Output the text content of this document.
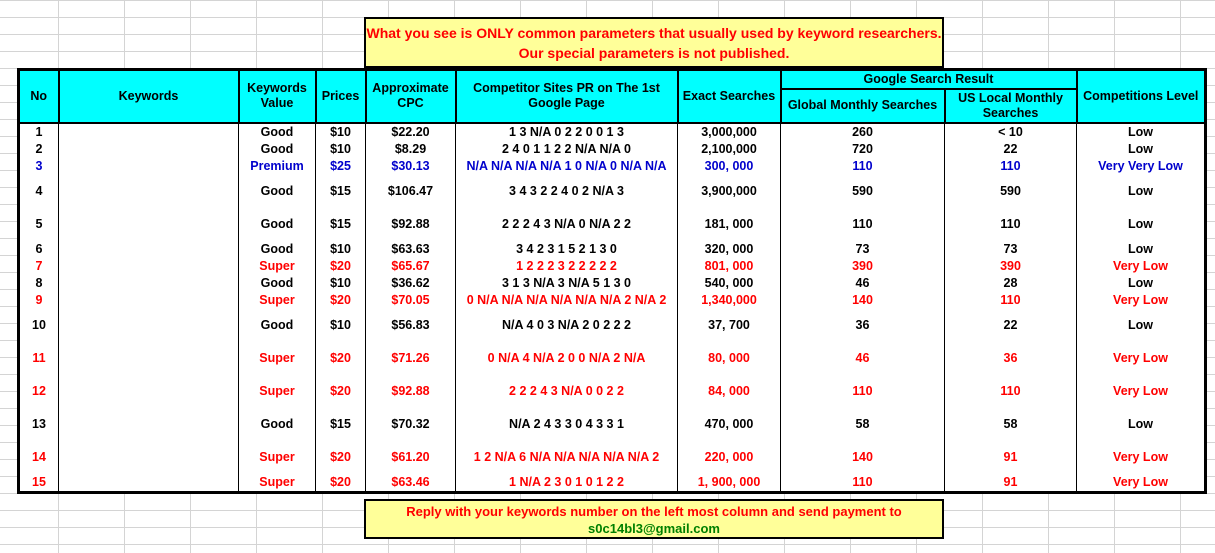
What you see is ONLY common parameters that usually used by keyword researchers. Our special parameters is not published.
No	Keywords	Keywords Value	Prices	Approximate CPC	Competitor Sites PR on The 1st Google Page	Exact Searches	Google Search Result		Competitions Level
							Global Monthly Searches	US Local Monthly Searches	
1		Good	$10	$22.20	1 3 N/A 0 2 2 0 0 1 3	3,000,000	260	< 10	Low
2		Good	$10	$8.29	2 4 0 1 1 2 2 N/A N/A 0	2,100,000	720	22	Low
3		Premium	$25	$30.13	N/A N/A N/A N/A 1 0 N/A 0 N/A N/A	300, 000	110	110	Very Very Low
4		Good	$15	$106.47	3 4 3 2 2 4 0 2 N/A 3	3,900,000	590	590	Low
5		Good	$15	$92.88	2 2 2 4 3 N/A 0 N/A 2 2	181, 000	110	110	Low
6		Good	$10	$63.63	3 4 2 3 1 5 2 1 3 0	320, 000	73	73	Low
7		Super	$20	$65.67	1 2 2 2 3 2 2 2 2 2	801, 000	390	390	Very Low
8		Good	$10	$36.62	3 1 3 N/A 3 N/A 5 1 3 0	540, 000	46	28	Low
9		Super	$20	$70.05	0 N/A N/A N/A N/A N/A N/A 2 N/A 2	1,340,000	140	110	Very Low
10		Good	$10	$56.83	N/A 4 0 3 N/A 2 0 2 2 2	37, 700	36	22	Low
11		Super	$20	$71.26	0 N/A 4 N/A 2 0 0 N/A 2 N/A	80, 000	46	36	Very Low
12		Super	$20	$92.88	2 2 2 4 3 N/A 0 0 2 2	84, 000	110	110	Very Low
13		Good	$15	$70.32	N/A 2 4 3 3 0 4 3 3 1	470, 000	58	58	Low
14		Super	$20	$61.20	1 2 N/A 6 N/A N/A N/A N/A N/A 2	220, 000	140	91	Very Low
15		Super	$20	$63.46	1 N/A 2 3 0 1 0 1 2 2	1, 900, 000	110	91	Very Low
Reply with your keywords number on the left most column and send payment to
s0c14bl3@gmail.com
